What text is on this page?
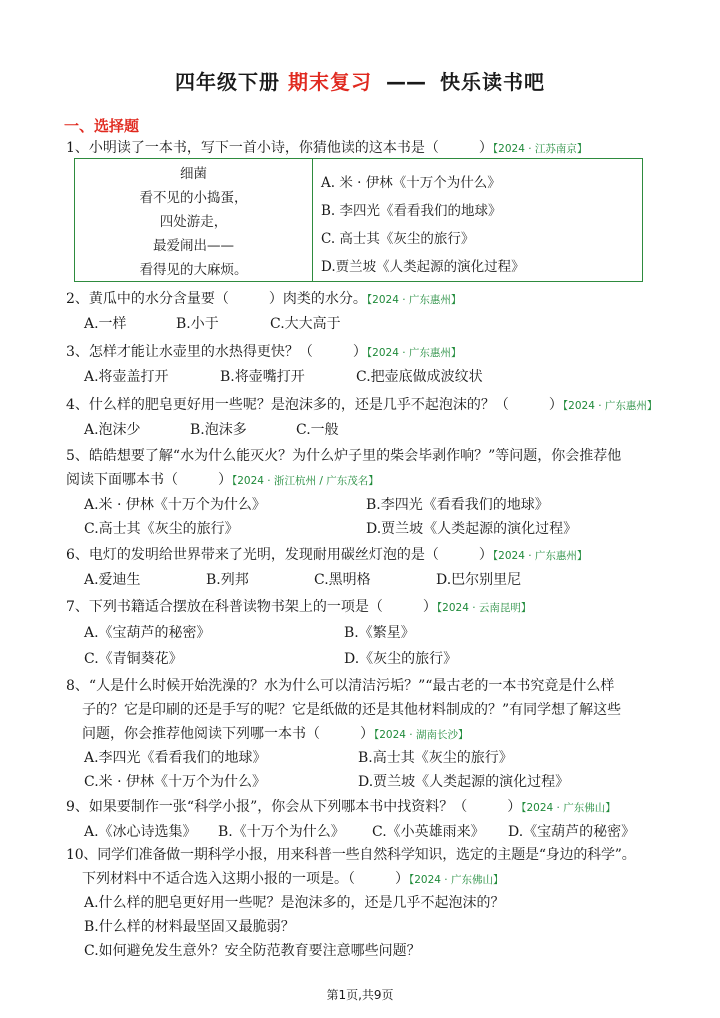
四年级下册 期末复习 —— 快乐读书吧
一、选择题
1、小明读了一本书，写下一首小诗，你猜他读的这本书是（	）【2024 · 江苏南京】
细菌
看不见的小捣蛋，
四处游走，
最爱闹出——
看得见的大麻烦。
A. 米 · 伊林《十万个为什么》
B. 李四光《看看我们的地球》
C. 高士其《灰尘的旅行》
D.贾兰坡《人类起源的演化过程》
2、黄瓜中的水分含量要（	）肉类的水分。【2024 · 广东惠州】
A.一样	B.小于	C.大大高于
3、怎样才能让水壶里的水热得更快？（	）【2024 · 广东惠州】
A.将壶盖打开	B.将壶嘴打开	C.把壶底做成波纹状
4、什么样的肥皂更好用一些呢？是泡沫多的，还是几乎不起泡沫的？（	）【2024 · 广东惠州】
A.泡沫少	B.泡沫多	C.一般
5、皓皓想要了解“水为什么能灭火？为什么炉子里的柴会毕剥作响？”等问题，你会推荐他
阅读下面哪本书（	）【2024 · 浙江杭州 / 广东茂名】
A.米 · 伊林《十万个为什么》	B.李四光《看看我们的地球》
C.高士其《灰尘的旅行》	D.贾兰坡《人类起源的演化过程》
6、电灯的发明给世界带来了光明，发现耐用碳丝灯泡的是（	）【2024 · 广东惠州】
A.爱迪生	B.列邦	C.黑明格	D.巴尔别里尼
7、下列书籍适合摆放在科普读物书架上的一项是（	）【2024 · 云南昆明】
A.《宝葫芦的秘密》	B.《繁星》
C.《青铜葵花》	D.《灰尘的旅行》
8、“人是什么时候开始洗澡的？水为什么可以清洁污垢？”“最古老的一本书究竟是什么样
子的？它是印刷的还是手写的呢？它是纸做的还是其他材料制成的？”有同学想了解这些
问题，你会推荐他阅读下列哪一本书（	）【2024 · 湖南长沙】
A.李四光《看看我们的地球》	B.高士其《灰尘的旅行》
C.米 · 伊林《十万个为什么》	D.贾兰坡《人类起源的演化过程》
9、如果要制作一张“科学小报”，你会从下列哪本书中找资料？（	）【2024 · 广东佛山】
A.《冰心诗选集》 B.《十万个为什么》 C.《小英雄雨来》 D.《宝葫芦的秘密》
10、同学们准备做一期科学小报，用来科普一些自然科学知识，选定的主题是“身边的科学”。
下列材料中不适合选入这期小报的一项是。（	）【2024 · 广东佛山】
A.什么样的肥皂更好用一些呢？是泡沫多的，还是几乎不起泡沫的？
B.什么样的材料最坚固又最脆弱？
C.如何避免发生意外？安全防范教育要注意哪些问题？
第1页,共9页
